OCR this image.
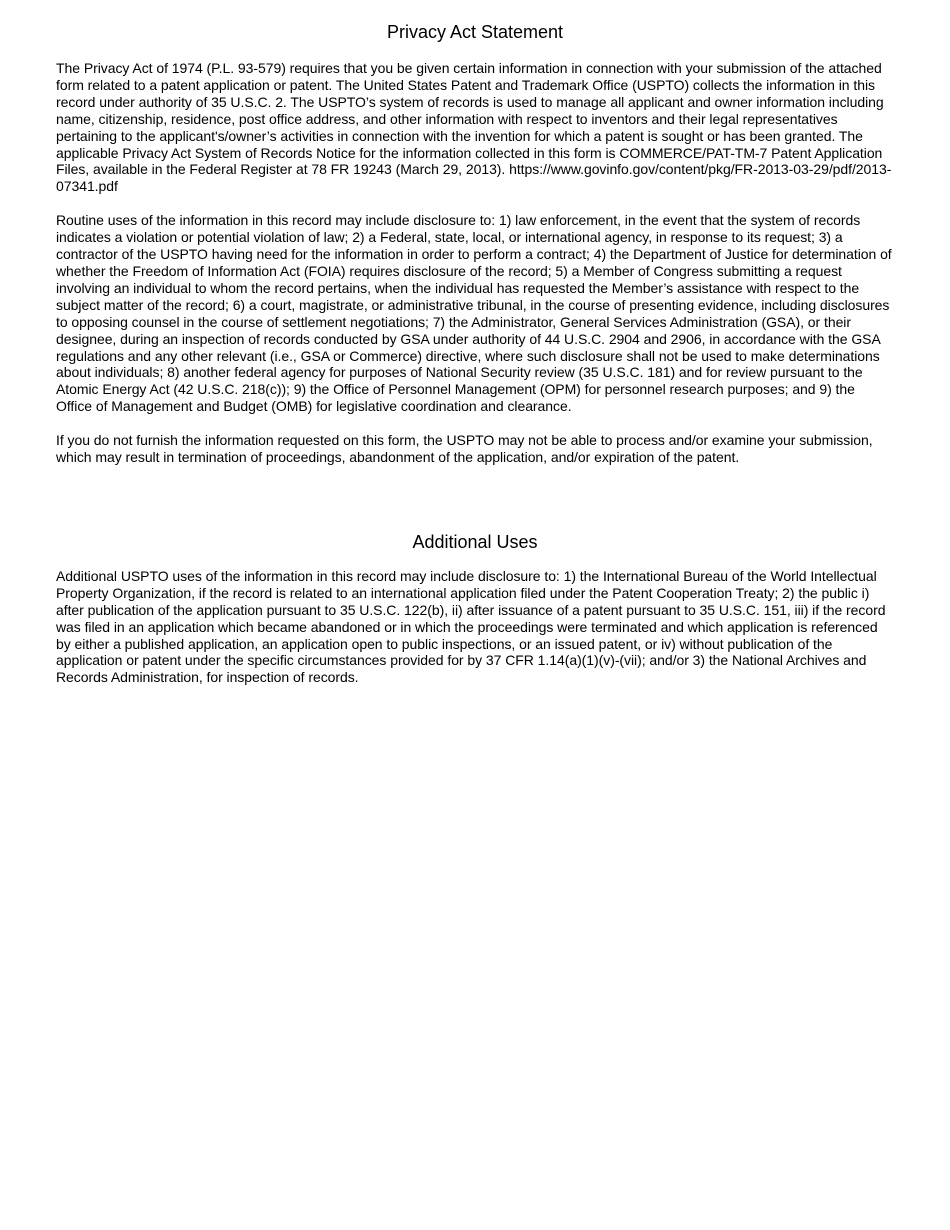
Privacy Act Statement

The Privacy Act of 1974 (P.L. 93-579) requires that you be given certain information in connection with your submission of the attached form related to a patent application or patent. The United States Patent and Trademark Office (USPTO) collects the information in this record under authority of 35 U.S.C. 2. The USPTO’s system of records is used to manage all applicant and owner information including name, citizenship, residence, post office address, and other information with respect to inventors and their legal representatives pertaining to the applicant's/owner’s activities in connection with the invention for which a patent is sought or has been granted. The applicable Privacy Act System of Records Notice for the information collected in this form is COMMERCE/PAT-TM-7 Patent Application Files, available in the Federal Register at 78 FR 19243 (March 29, 2013). https://www.govinfo.gov/content/pkg/FR-2013-03-29/pdf/2013-07341.pdf

Routine uses of the information in this record may include disclosure to: 1) law enforcement, in the event that the system of records indicates a violation or potential violation of law; 2) a Federal, state, local, or international agency, in response to its request; 3) a contractor of the USPTO having need for the information in order to perform a contract; 4) the Department of Justice for determination of whether the Freedom of Information Act (FOIA) requires disclosure of the record; 5) a Member of Congress submitting a request involving an individual to whom the record pertains, when the individual has requested the Member’s assistance with respect to the subject matter of the record; 6) a court, magistrate, or administrative tribunal, in the course of presenting evidence, including disclosures to opposing counsel in the course of settlement negotiations; 7) the Administrator, General Services Administration (GSA), or their designee, during an inspection of records conducted by GSA under authority of 44 U.S.C. 2904 and 2906, in accordance with the GSA regulations and any other relevant (i.e., GSA or Commerce) directive, where such disclosure shall not be used to make determinations about individuals; 8) another federal agency for purposes of National Security review (35 U.S.C. 181) and for review pursuant to the Atomic Energy Act (42 U.S.C. 218(c)); 9) the Office of Personnel Management (OPM) for personnel research purposes; and 9) the Office of Management and Budget (OMB) for legislative coordination and clearance.

If you do not furnish the information requested on this form, the USPTO may not be able to process and/or examine your submission, which may result in termination of proceedings, abandonment of the application, and/or expiration of the patent.

Additional Uses

Additional USPTO uses of the information in this record may include disclosure to: 1) the International Bureau of the World Intellectual Property Organization, if the record is related to an international application filed under the Patent Cooperation Treaty; 2) the public i) after publication of the application pursuant to 35 U.S.C. 122(b), ii) after issuance of a patent pursuant to 35 U.S.C. 151, iii) if the record was filed in an application which became abandoned or in which the proceedings were terminated and which application is referenced by either a published application, an application open to public inspections, or an issued patent, or iv) without publication of the application or patent under the specific circumstances provided for by 37 CFR 1.14(a)(1)(v)-(vii); and/or 3) the National Archives and Records Administration, for inspection of records.
